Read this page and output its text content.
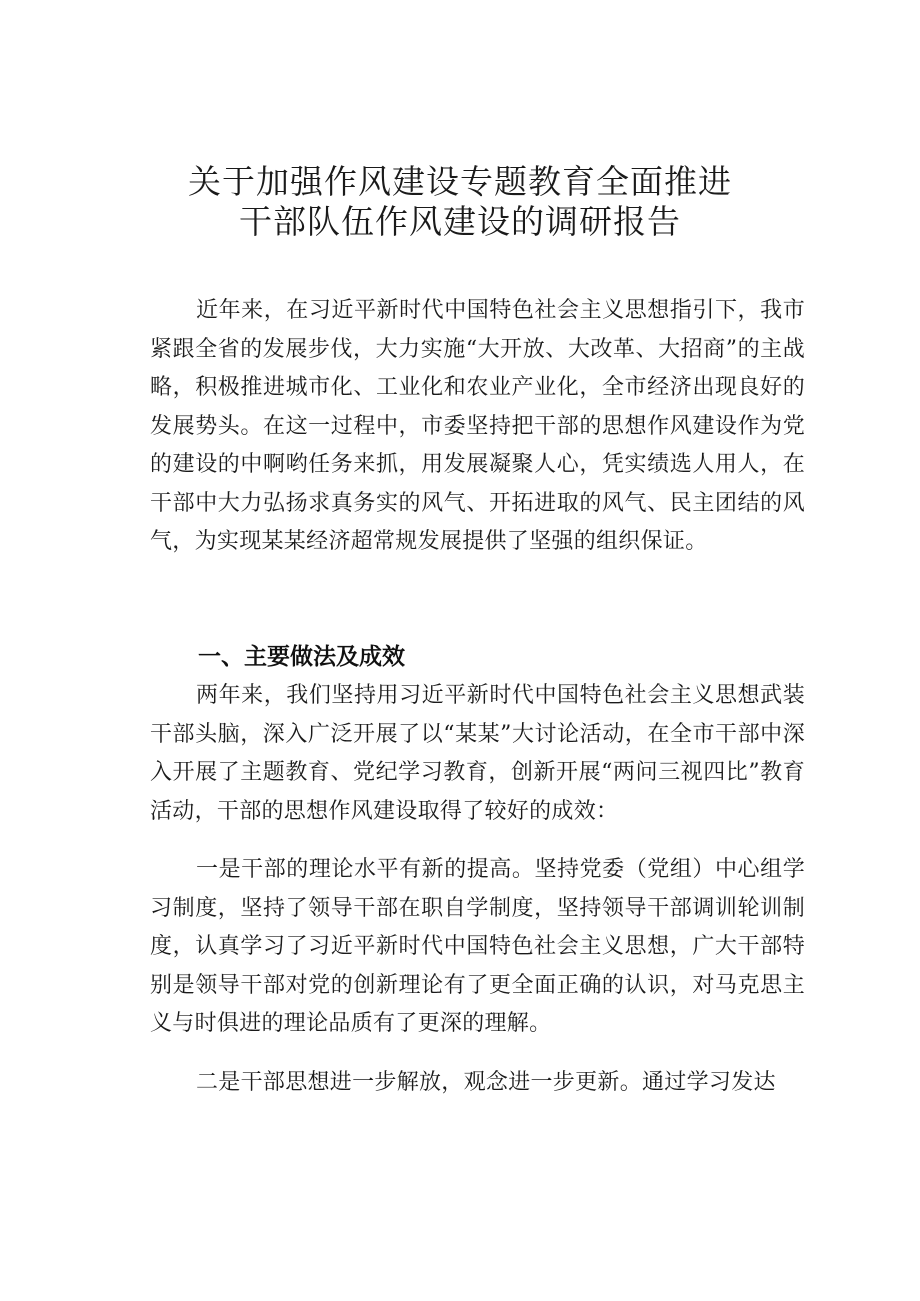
关于加强作风建设专题教育全面推进
干部队伍作风建设的调研报告

近年来，在习近平新时代中国特色社会主义思想指引下，我市紧跟全省的发展步伐，大力实施“大开放、大改革、大招商”的主战略，积极推进城市化、工业化和农业产业化，全市经济出现良好的发展势头。在这一过程中，市委坚持把干部的思想作风建设作为党的建设的中啊哟任务来抓，用发展凝聚人心，凭实绩选人用人，在干部中大力弘扬求真务实的风气、开拓进取的风气、民主团结的风气，为实现某某经济超常规发展提供了坚强的组织保证。

一、主要做法及成效

两年来，我们坚持用习近平新时代中国特色社会主义思想武装干部头脑，深入广泛开展了以“某某”大讨论活动，在全市干部中深入开展了主题教育、党纪学习教育，创新开展“两问三视四比”教育活动，干部的思想作风建设取得了较好的成效：

一是干部的理论水平有新的提高。坚持党委（党组）中心组学习制度，坚持了领导干部在职自学制度，坚持领导干部调训轮训制度，认真学习了习近平新时代中国特色社会主义思想，广大干部特别是领导干部对党的创新理论有了更全面正确的认识，对马克思主义与时俱进的理论品质有了更深的理解。

二是干部思想进一步解放，观念进一步更新。通过学习发达
